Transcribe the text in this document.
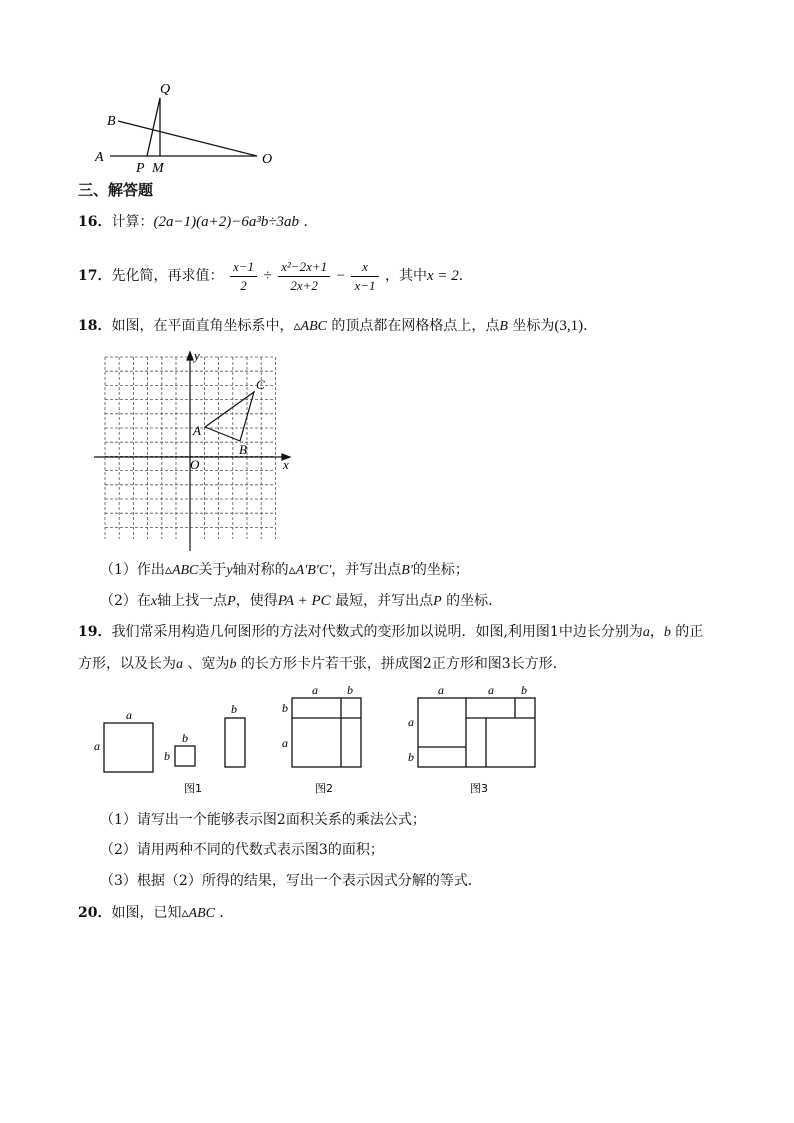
Q
B
A
P M
O
三、解答题
16．计算：(2a−1)(a+2)−6a³b÷3ab ．
17．先化简，再求值： $\frac{x-1}{2} \div \frac{\text{x²−2x+1}}{2x+2} - \frac{x}{x-1}$ ，其中x = 2．
18．如图，在平面直角坐标系中，▵ABC 的顶点都在网格格点上，点B 坐标为(3,1)．
y
x
O
A
B
C
（1）作出▵ABC关于y轴对称的▵A′B′C′，并写出点B′的坐标；
（2）在x轴上找一点P，使得PA + PC 最短，并写出点P 的坐标．
19．我们常采用构造几何图形的方法对代数式的变形加以说明．如图,利用图1中边长分别为a，b 的正
方形，以及长为a 、宽为b 的长方形卡片若干张，拼成图2正方形和图3长方形．
a
a
b
b
b
a b
b
a
a	a b
a
b
图1	图2	图3
（1）请写出一个能够表示图2面积关系的乘法公式；
（2）请用两种不同的代数式表示图3的面积；
（3）根据（2）所得的结果，写出一个表示因式分解的等式．
20．如图，已知▵ABC ．
